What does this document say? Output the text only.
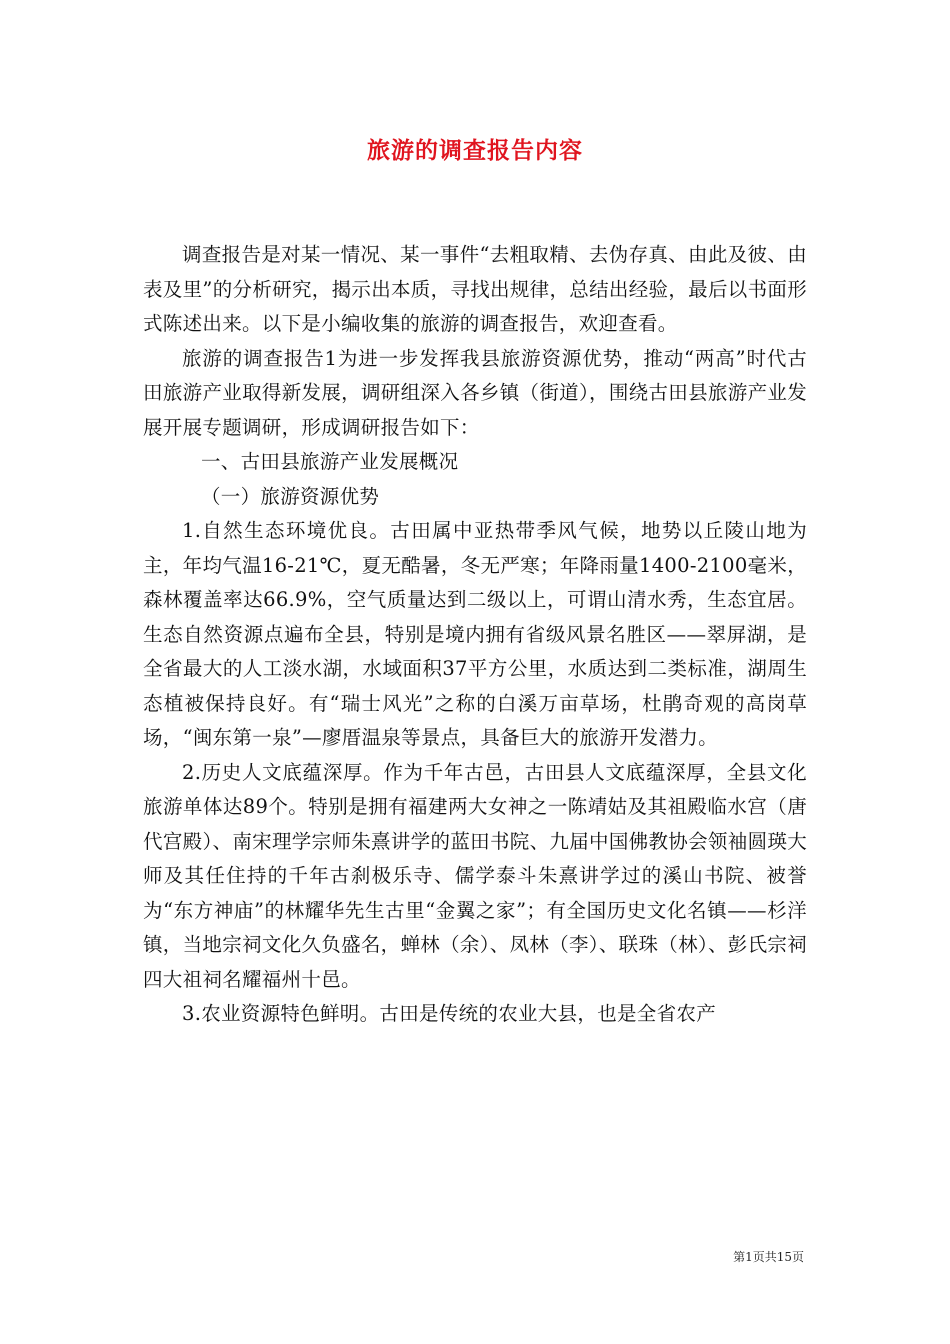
旅游的调查报告内容

调查报告是对某一情况、某一事件“去粗取精、去伪存真、由此及彼、由表及里”的分析研究，揭示出本质，寻找出规律，总结出经验，最后以书面形式陈述出来。以下是小编收集的旅游的调查报告，欢迎查看。

旅游的调查报告1为进一步发挥我县旅游资源优势，推动“两高”时代古田旅游产业取得新发展，调研组深入各乡镇（街道），围绕古田县旅游产业发展开展专题调研，形成调研报告如下：

一、古田县旅游产业发展概况

（一）旅游资源优势

1.自然生态环境优良。古田属中亚热带季风气候，地势以丘陵山地为主，年均气温16-21℃，夏无酷暑，冬无严寒；年降雨量1400-2100毫米，森林覆盖率达66.9%，空气质量达到二级以上，可谓山清水秀，生态宜居。生态自然资源点遍布全县，特别是境内拥有省级风景名胜区——翠屏湖，是全省最大的人工淡水湖，水域面积37平方公里，水质达到二类标准，湖周生态植被保持良好。有“瑞士风光”之称的白溪万亩草场，杜鹃奇观的高岗草场，“闽东第一泉”—廖厝温泉等景点，具备巨大的旅游开发潜力。

2.历史人文底蕴深厚。作为千年古邑，古田县人文底蕴深厚，全县文化旅游单体达89个。特别是拥有福建两大女神之一陈靖姑及其祖殿临水宫（唐代宫殿）、南宋理学宗师朱熹讲学的蓝田书院、九届中国佛教协会领袖圆瑛大师及其任住持的千年古刹极乐寺、儒学泰斗朱熹讲学过的溪山书院、被誉为“东方神庙”的林耀华先生古里“金翼之家”；有全国历史文化名镇——杉洋镇，当地宗祠文化久负盛名，蝉林（余）、凤林（李）、联珠（林）、彭氏宗祠四大祖祠名耀福州十邑。

3.农业资源特色鲜明。古田是传统的农业大县，也是全省农产

第1页共15页
